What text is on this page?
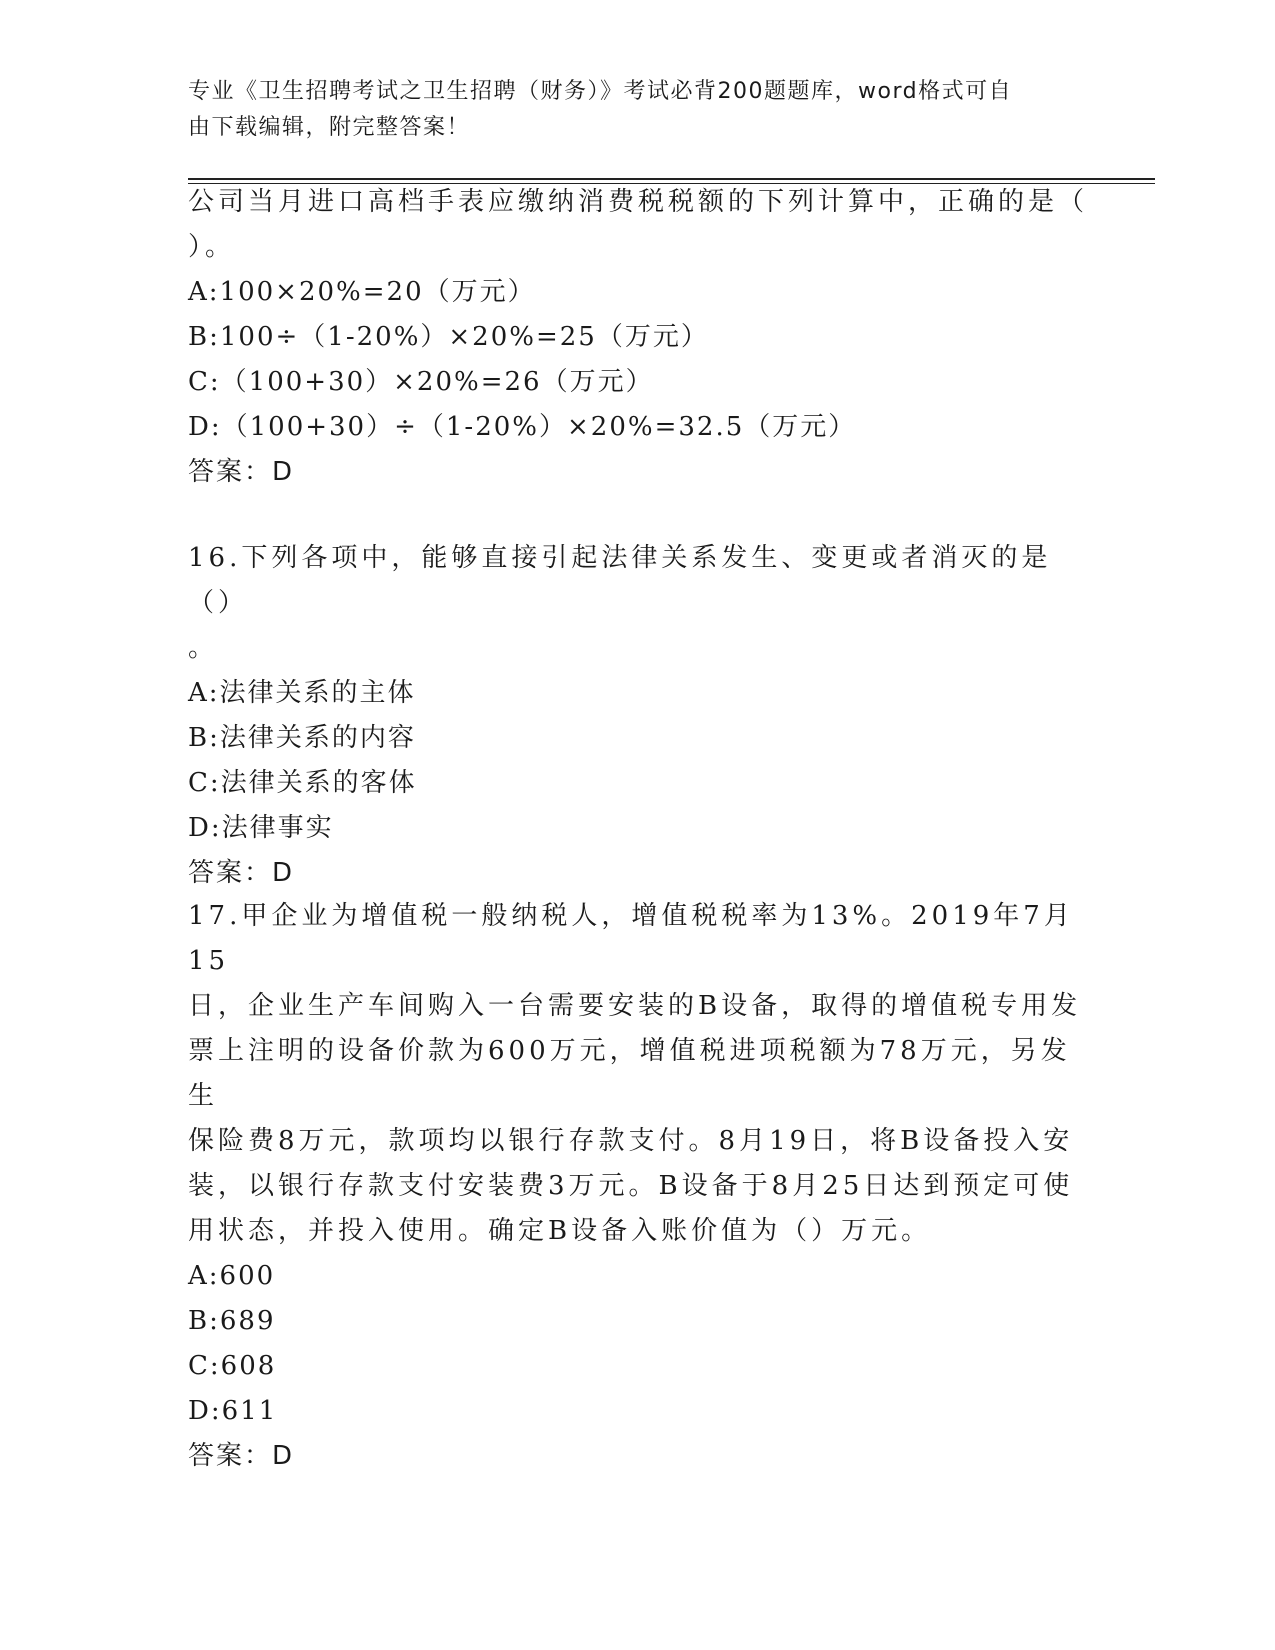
专业《卫生招聘考试之卫生招聘（财务）》考试必背200题题库，word格式可自
由下载编辑，附完整答案！
公司当月进口高档手表应缴纳消费税税额的下列计算中，正确的是（
）。
A:100×20%=20（万元）
B:100÷（1-20%）×20%=25（万元）
C:（100+30）×20%=26（万元）
D:（100+30）÷（1-20%）×20%=32.5（万元）
答案：D
16.下列各项中，能够直接引起法律关系发生、变更或者消灭的是（）
。
A:法律关系的主体
B:法律关系的内容
C:法律关系的客体
D:法律事实
答案：D
17.甲企业为增值税一般纳税人，增值税税率为13%。2019年7月15
日，企业生产车间购入一台需要安装的B设备，取得的增值税专用发
票上注明的设备价款为600万元，增值税进项税额为78万元，另发生
保险费8万元，款项均以银行存款支付。8月19日，将B设备投入安
装，以银行存款支付安装费3万元。B设备于8月25日达到预定可使
用状态，并投入使用。确定B设备入账价值为（）万元。
A:600
B:689
C:608
D:611
答案：D
